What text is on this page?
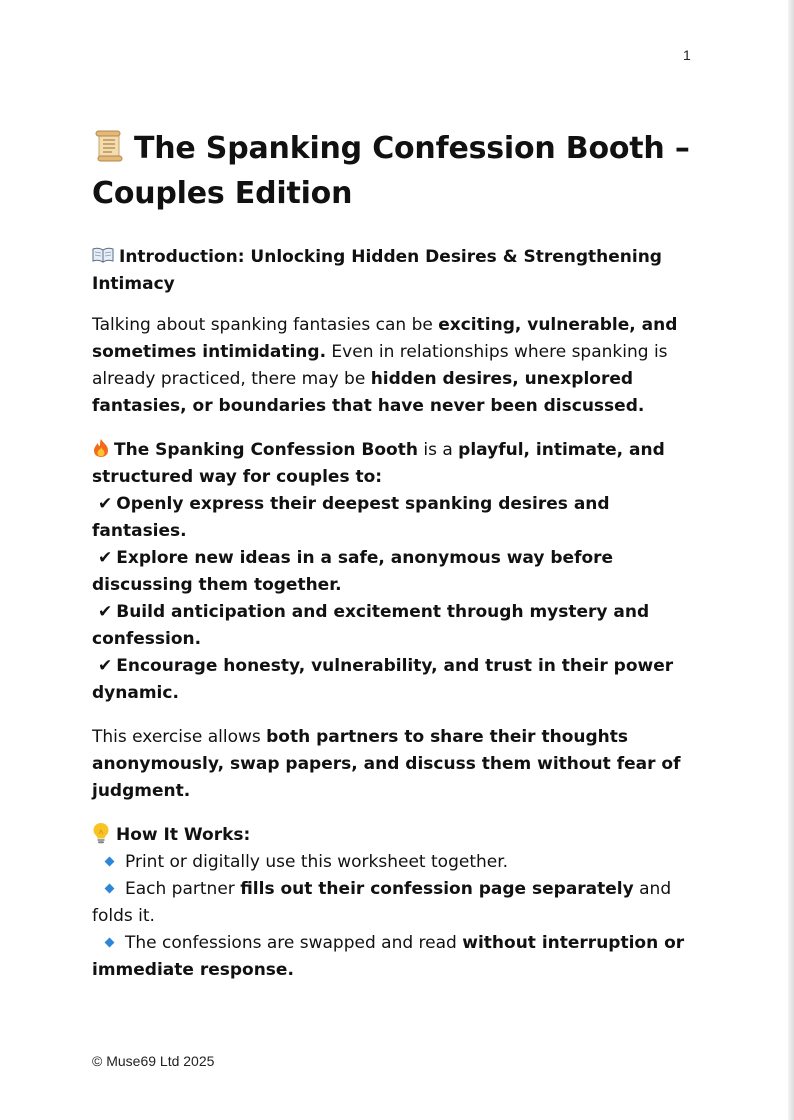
1
The Spanking Confession Booth – Couples Edition

Introduction: Unlocking Hidden Desires & Strengthening Intimacy

Talking about spanking fantasies can be exciting, vulnerable, and sometimes intimidating. Even in relationships where spanking is already practiced, there may be hidden desires, unexplored fantasies, or boundaries that have never been discussed.

The Spanking Confession Booth is a playful, intimate, and structured way for couples to:
✔ Openly express their deepest spanking desires and fantasies.
✔ Explore new ideas in a safe, anonymous way before discussing them together.
✔ Build anticipation and excitement through mystery and confession.
✔ Encourage honesty, vulnerability, and trust in their power dynamic.

This exercise allows both partners to share their thoughts anonymously, swap papers, and discuss them without fear of judgment.

How It Works:
Print or digitally use this worksheet together.
Each partner fills out their confession page separately and folds it.
The confessions are swapped and read without interruption or immediate response.
© Muse69 Ltd 2025
